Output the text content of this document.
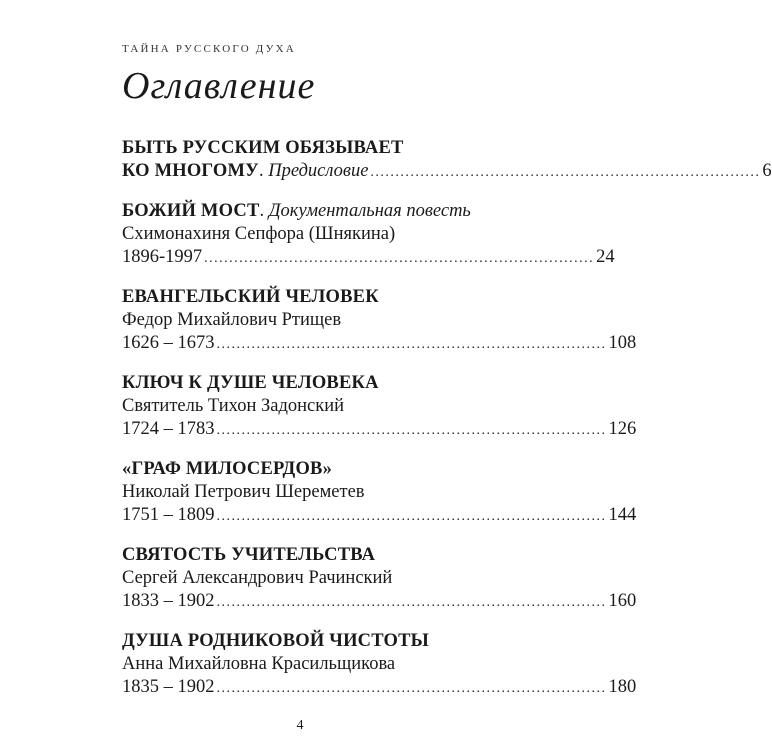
ТАЙНА РУССКОГО ДУХА
Оглавление
БЫТЬ РУССКИМ ОБЯЗЫВАЕТ
КО МНОГОМУ. Предисловие .............................................................................. 6
БОЖИЙ МОСТ. Документальная повесть
Схимонахиня Сепфора (Шнякина)
1896-1997 .............................................................................. 24
ЕВАНГЕЛЬСКИЙ ЧЕЛОВЕК
Федор Михайлович Ртищев
1626 – 1673 .............................................................................. 108
КЛЮЧ К ДУШЕ ЧЕЛОВЕКА
Святитель Тихон Задонский
1724 – 1783 .............................................................................. 126
«ГРАФ МИЛОСЕРДОВ»
Николай Петрович Шереметев
1751 – 1809 .............................................................................. 144
СВЯТОСТЬ УЧИТЕЛЬСТВА
Сергей Александрович Рачинский
1833 – 1902 .............................................................................. 160
ДУША РОДНИКОВОЙ ЧИСТОТЫ
Анна Михайловна Красильщикова
1835 – 1902 .............................................................................. 180
4
